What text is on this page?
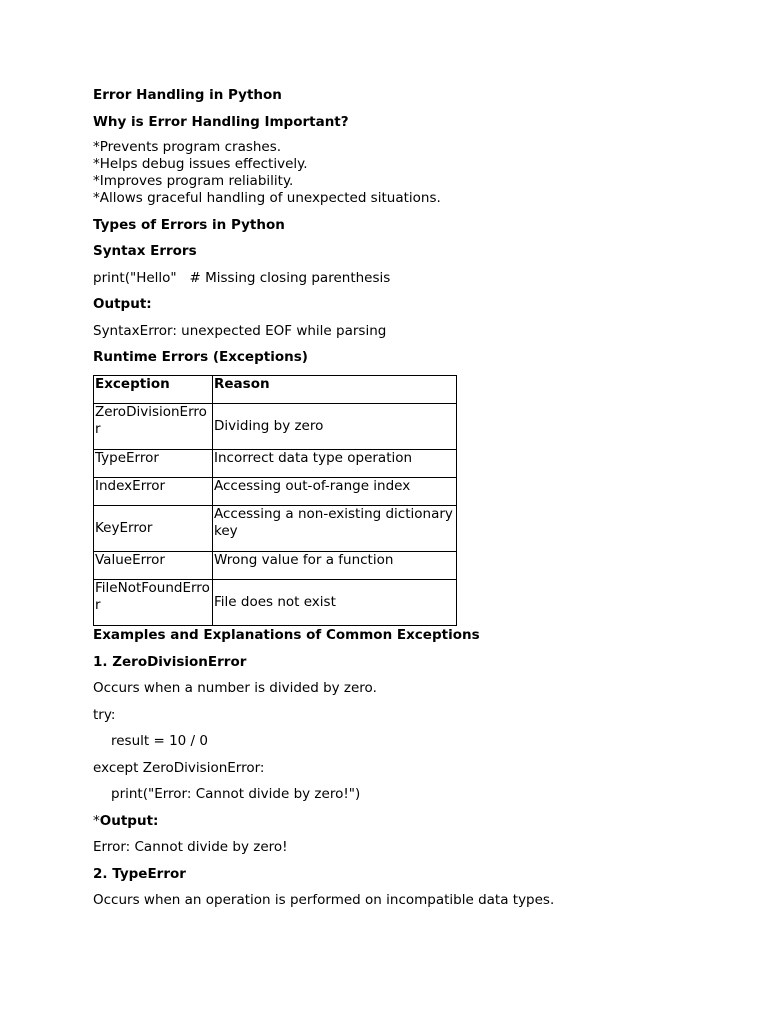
Error Handling in Python
Why is Error Handling Important?
*Prevents program crashes.
*Helps debug issues effectively.
*Improves program reliability.
*Allows graceful handling of unexpected situations.
Types of Errors in Python
Syntax Errors
print("Hello"   # Missing closing parenthesis
Output:
SyntaxError: unexpected EOF while parsing
Runtime Errors (Exceptions)
Exception	Reason
ZeroDivisionError	Dividing by zero
TypeError	Incorrect data type operation
IndexError	Accessing out-of-range index
KeyError	Accessing a non-existing dictionary key
ValueError	Wrong value for a function
FileNotFoundError	File does not exist
Examples and Explanations of Common Exceptions
1. ZeroDivisionError
Occurs when a number is divided by zero.
try:
result = 10 / 0
except ZeroDivisionError:
print("Error: Cannot divide by zero!")
*Output:
Error: Cannot divide by zero!
2. TypeError
Occurs when an operation is performed on incompatible data types.
